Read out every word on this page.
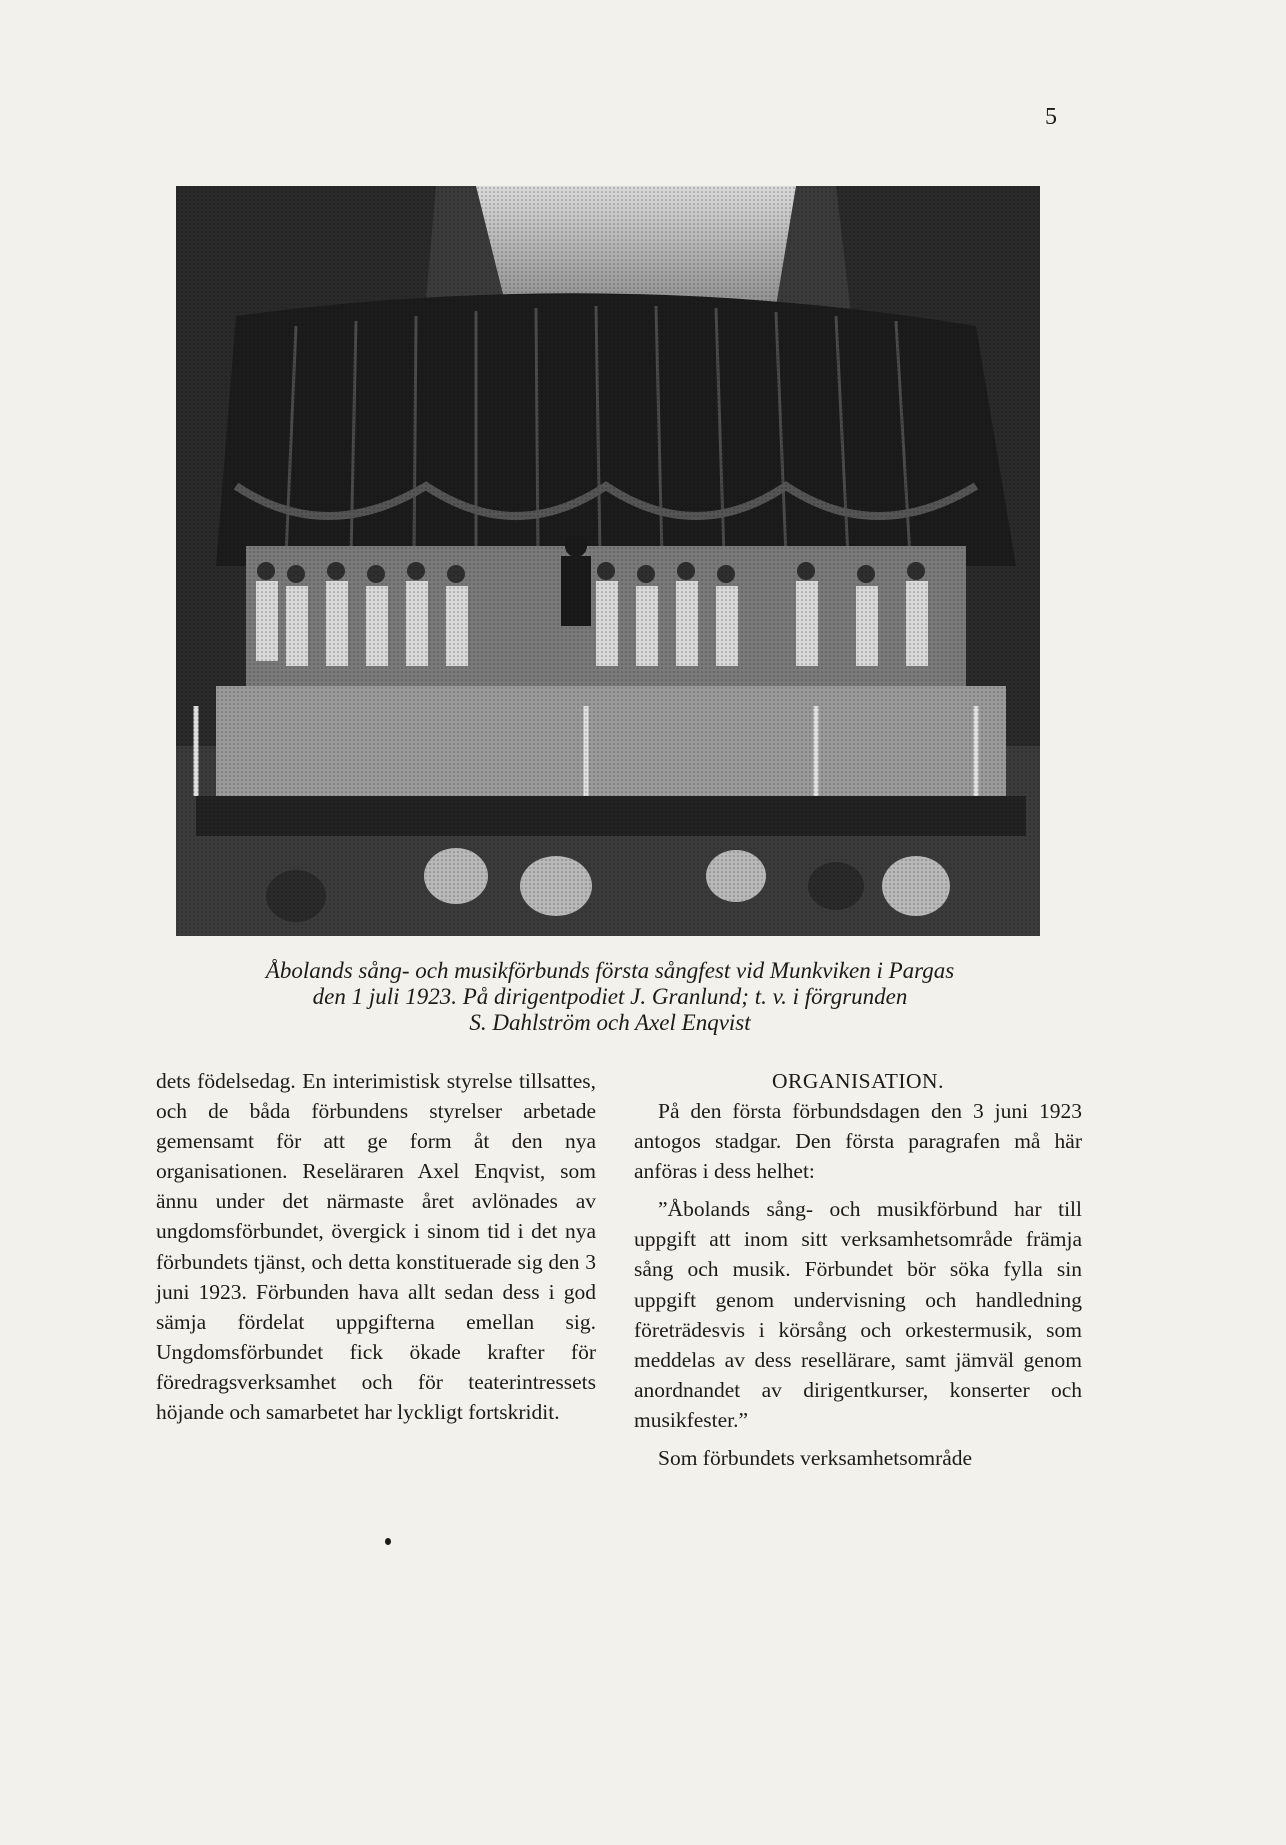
5
Åbolands sång- och musikförbunds första sångfest vid Munkviken i Pargas
den 1 juli 1923. På dirigentpodiet J. Granlund; t. v. i förgrunden
S. Dahlström och Axel Enqvist

dets födelsedag. En interimistisk styrelse tillsattes, och de båda förbundens styrelser arbetade gemensamt för att ge form åt den nya organisationen. Reseläraren Axel Enqvist, som ännu under det närmaste året avlönades av ungdomsförbundet, övergick i sinom tid i det nya förbundets tjänst, och detta konstituerade sig den 3 juni 1923. Förbunden hava allt sedan dess i god sämja fördelat uppgifterna emellan sig. Ungdomsförbundet fick ökade krafter för föredragsverksamhet och för teaterintressets höjande och samarbetet har lyckligt fortskridit.

ORGANISATION.

På den första förbundsdagen den 3 juni 1923 antogos stadgar. Den första paragrafen må här anföras i dess helhet:

”Åbolands sång- och musikförbund har till uppgift att inom sitt verksamhetsområde främja sång och musik. Förbundet bör söka fylla sin uppgift genom undervisning och handledning företrädesvis i körsång och orkestermusik, som meddelas av dess resellärare, samt jämväl genom anordnandet av dirigentkurser, konserter och musikfester.”

Som förbundets verksamhetsområde
